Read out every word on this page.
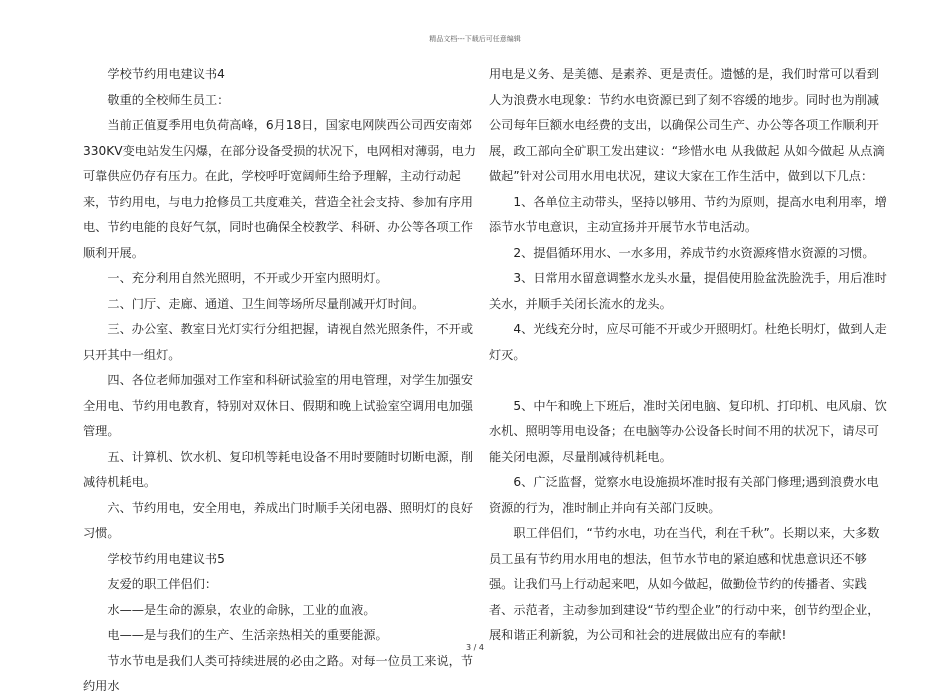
精品文档---下载后可任意编辑

学校节约用电建议书4

敬重的全校师生员工：

当前正值夏季用电负荷高峰，6月18日，国家电网陕西公司西安南郊330KV变电站发生闪爆，在部分设备受损的状况下，电网相对薄弱，电力可靠供应仍存有压力。在此，学校呼吁宽阔师生给予理解，主动行动起来，节约用电，与电力抢修员工共度难关，营造全社会支持、参加有序用电、节约电能的良好气氛，同时也确保全校教学、科研、办公等各项工作顺利开展。

一、充分利用自然光照明，不开或少开室内照明灯。

二、门厅、走廊、通道、卫生间等场所尽量削减开灯时间。

三、办公室、教室日光灯实行分组把握，请视自然光照条件，不开或只开其中一组灯。

四、各位老师加强对工作室和科研试验室的用电管理，对学生加强安全用电、节约用电教育，特别对双休日、假期和晚上试验室空调用电加强管理。

五、计算机、饮水机、复印机等耗电设备不用时要随时切断电源，削减待机耗电。

六、节约用电，安全用电，养成出门时顺手关闭电器、照明灯的良好习惯。

学校节约用电建议书5

友爱的职工伴侣们：

水——是生命的源泉，农业的命脉，工业的血液。

电——是与我们的生产、生活亲热相关的重要能源。

节水节电是我们人类可持续进展的必由之路。对每一位员工来说，节约用水

用电是义务、是美德、是素养、更是责任。遗憾的是，我们时常可以看到人为浪费水电现象：节约水电资源已到了刻不容缓的地步。同时也为削减公司每年巨额水电经费的支出，以确保公司生产、办公等各项工作顺利开展，政工部向全矿职工发出建议：“珍惜水电 从我做起 从如今做起 从点滴做起”针对公司用水用电状况，建议大家在工作生活中，做到以下几点：

1、各单位主动带头，坚持以够用、节约为原则，提高水电利用率，增添节水节电意识，主动宣扬并开展节水节电活动。

2、提倡循环用水、一水多用，养成节约水资源疼惜水资源的习惯。

3、日常用水留意调整水龙头水量，提倡使用脸盆洗脸洗手，用后准时关水，并顺手关闭长流水的龙头。

4、光线充分时，应尽可能不开或少开照明灯。杜绝长明灯，做到人走灯灭。

5、中午和晚上下班后，准时关闭电脑、复印机、打印机、电风扇、饮水机、照明等用电设备；在电脑等办公设备长时间不用的状况下，请尽可能关闭电源，尽量削减待机耗电。

6、广泛监督，觉察水电设施损坏准时报有关部门修理;遇到浪费水电资源的行为，准时制止并向有关部门反映。

职工伴侣们，“节约水电，功在当代，利在千秋”。长期以来，大多数员工虽有节约用水用电的想法，但节水节电的紧迫感和忧患意识还不够强。让我们马上行动起来吧，从如今做起，做勤俭节约的传播者、实践者、示范者，主动参加到建设“节约型企业”的行动中来，创节约型企业，展和谐正利新貌，为公司和社会的进展做出应有的奉献!

3 / 4
